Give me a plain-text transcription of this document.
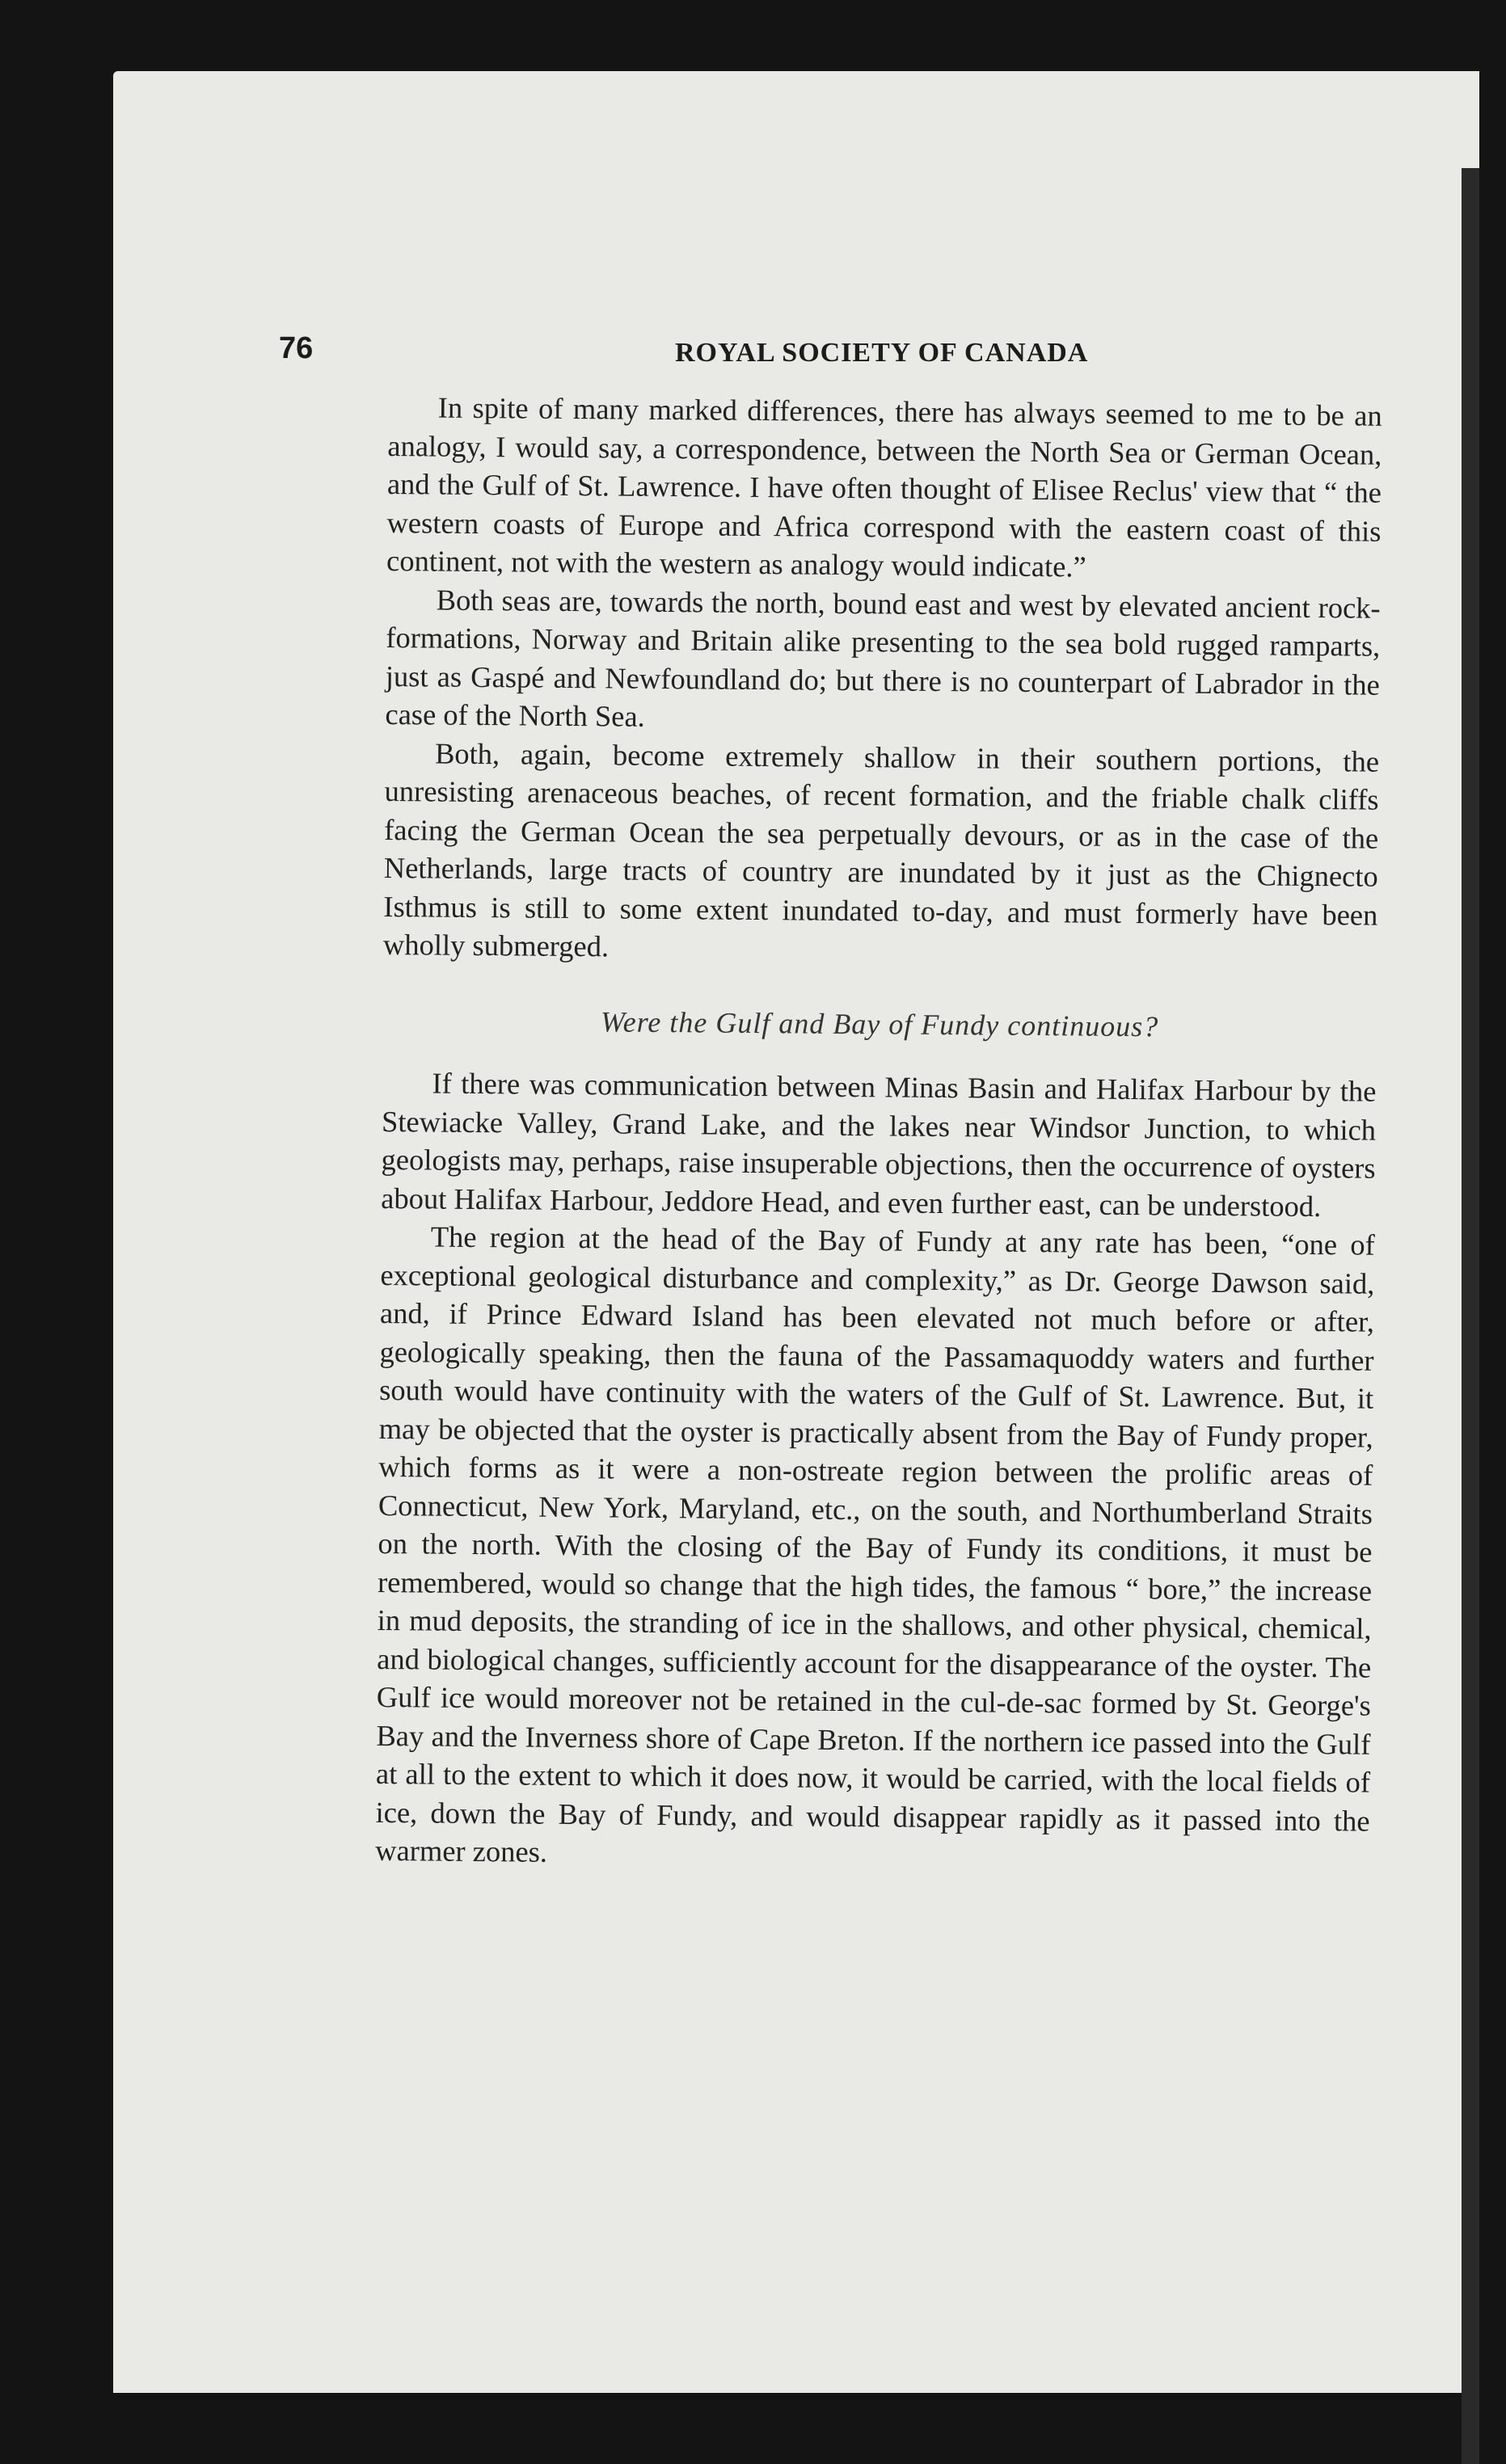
76	ROYAL SOCIETY OF CANADA

In spite of many marked differences, there has always seemed to me to be an analogy, I would say, a correspondence, between the North Sea or German Ocean, and the Gulf of St. Lawrence. I have often thought of Elisee Reclus' view that “ the western coasts of Europe and Africa correspond with the eastern coast of this continent, not with the western as analogy would indicate.”

Both seas are, towards the north, bound east and west by elevated ancient rock-formations, Norway and Britain alike presenting to the sea bold rugged ramparts, just as Gaspé and Newfoundland do; but there is no counterpart of Labrador in the case of the North Sea.

Both, again, become extremely shallow in their southern portions, the unresisting arenaceous beaches, of recent formation, and the friable chalk cliffs facing the German Ocean the sea perpetually devours, or as in the case of the Netherlands, large tracts of country are inundated by it just as the Chignecto Isthmus is still to some extent inundated to-day, and must formerly have been wholly submerged.

Were the Gulf and Bay of Fundy continuous?

If there was communication between Minas Basin and Halifax Harbour by the Stewiacke Valley, Grand Lake, and the lakes near Windsor Junction, to which geologists may, perhaps, raise insuperable objections, then the occurrence of oysters about Halifax Harbour, Jeddore Head, and even further east, can be understood.

The region at the head of the Bay of Fundy at any rate has been, “one of exceptional geological disturbance and complexity,” as Dr. George Dawson said, and, if Prince Edward Island has been elevated not much before or after, geologically speaking, then the fauna of the Passamaquoddy waters and further south would have continuity with the waters of the Gulf of St. Lawrence. But, it may be objected that the oyster is practically absent from the Bay of Fundy proper, which forms as it were a non-ostreate region between the prolific areas of Connecticut, New York, Maryland, etc., on the south, and Northumberland Straits on the north. With the closing of the Bay of Fundy its conditions, it must be remembered, would so change that the high tides, the famous “ bore,” the increase in mud deposits, the stranding of ice in the shallows, and other physical, chemical, and biological changes, sufficiently account for the disappearance of the oyster. The Gulf ice would moreover not be retained in the cul-de-sac formed by St. George's Bay and the Inverness shore of Cape Breton. If the northern ice passed into the Gulf at all to the extent to which it does now, it would be carried, with the local fields of ice, down the Bay of Fundy, and would disappear rapidly as it passed into the warmer zones.
